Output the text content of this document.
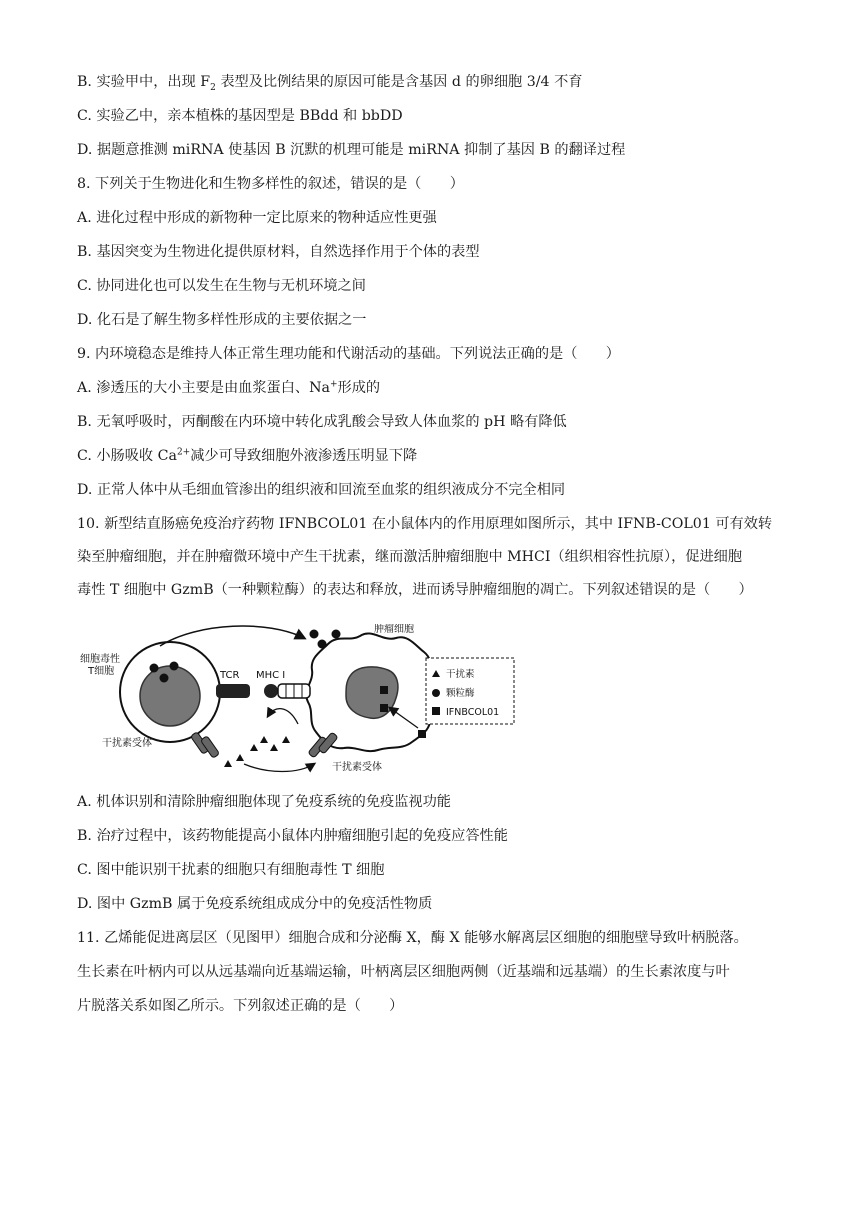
B. 实验甲中，出现 $F_2$ 表型及比例结果的原因可能是含基因 d 的卵细胞 3/4 不育
C. 实验乙中，亲本植株的基因型是 BBdd 和 bbDD
D. 据题意推测 miRNA 使基因 B 沉默的机理可能是 miRNA 抑制了基因 B 的翻译过程
8. 下列关于生物进化和生物多样性的叙述，错误的是（　　）
A. 进化过程中形成的新物种一定比原来的物种适应性更强
B. 基因突变为生物进化提供原材料，自然选择作用于个体的表型
C. 协同进化也可以发生在生物与无机环境之间
D. 化石是了解生物多样性形成的主要依据之一
9. 内环境稳态是维持人体正常生理功能和代谢活动的基础。下列说法正确的是（　　）
A. 渗透压的大小主要是由血浆蛋白、Na+形成的
B. 无氧呼吸时，丙酮酸在内环境中转化成乳酸会导致人体血浆的 pH 略有降低
C. 小肠吸收 $Ca^{2+}$减少可导致细胞外液渗透压明显下降
D. 正常人体中从毛细血管渗出的组织液和回流至血浆的组织液成分不完全相同
10. 新型结直肠癌免疫治疗药物 IFNBCOL01 在小鼠体内的作用原理如图所示，其中 IFNB-COL01 可有效转
染至肿瘤细胞，并在肿瘤微环境中产生干扰素，继而激活肿瘤细胞中 MHCI（组织相容性抗原），促进细胞
毒性 T 细胞中 GzmB（一种颗粒酶）的表达和释放，进而诱导肿瘤细胞的凋亡。下列叙述错误的是（　　）
细胞毒性
T细胞
肿瘤细胞
TCR MHC I
干扰素受体
干扰素受体
干扰素
颗粒酶
IFNBCOL01
A. 机体识别和清除肿瘤细胞体现了免疫系统的免疫监视功能
B. 治疗过程中，该药物能提高小鼠体内肿瘤细胞引起的免疫应答性能
C. 图中能识别干扰素的细胞只有细胞毒性 T 细胞
D. 图中 GzmB 属于免疫系统组成成分中的免疫活性物质
11. 乙烯能促进离层区（见图甲）细胞合成和分泌酶 X，酶 X 能够水解离层区细胞的细胞壁导致叶柄脱落。
生长素在叶柄内可以从远基端向近基端运输，叶柄离层区细胞两侧（近基端和远基端）的生长素浓度与叶
片脱落关系如图乙所示。下列叙述正确的是（　　）
